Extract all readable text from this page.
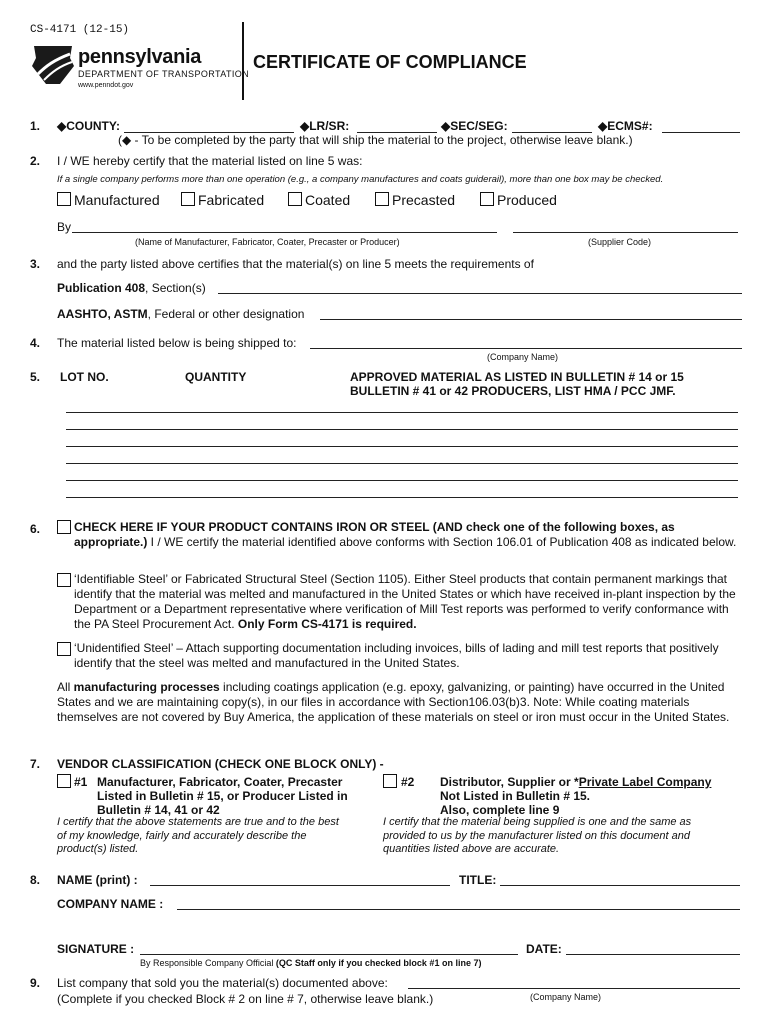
CS-4171 (12-15)
pennsylvania
DEPARTMENT OF TRANSPORTATION
www.penndot.gov
CERTIFICATE OF COMPLIANCE
1. ◆COUNTY:	◆LR/SR:	◆SEC/SEG:	◆ECMS#:
(◆ - To be completed by the party that will ship the material to the project, otherwise leave blank.)
2. I / WE hereby certify that the material listed on line 5 was:
If a single company performs more than one operation (e.g., a company manufactures and coats guiderail), more than one box may be checked.
Manufactured	Fabricated	Coated	Precasted	Produced
By
(Name of Manufacturer, Fabricator, Coater, Precaster or Producer)	(Supplier Code)
3. and the party listed above certifies that the material(s) on line 5 meets the requirements of
Publication 408, Section(s)
AASHTO, ASTM, Federal or other designation
4. The material listed below is being shipped to:
(Company Name)
5. LOT NO.	QUANTITY	APPROVED MATERIAL AS LISTED IN BULLETIN # 14 or 15
BULLETIN # 41 or 42 PRODUCERS, LIST HMA / PCC JMF.
6.	CHECK HERE IF YOUR PRODUCT CONTAINS IRON OR STEEL (AND check one of the following boxes, as appropriate.) I / WE certify the material identified above conforms with Section 106.01 of Publication 408 as indicated below.

‘Identifiable Steel’ or Fabricated Structural Steel (Section 1105). Either Steel products that contain permanent markings that identify that the material was melted and manufactured in the United States or which have received in-plant inspection by the Department or a Department representative where verification of Mill Test reports was performed to verify conformance with the PA Steel Procurement Act. Only Form CS-4171 is required.

‘Unidentified Steel’ – Attach supporting documentation including invoices, bills of lading and mill test reports that positively identify that the steel was melted and manufactured in the United States.

All manufacturing processes including coatings application (e.g. epoxy, galvanizing, or painting) have occurred in the United States and we are maintaining copy(s), in our files in accordance with Section106.03(b)3. Note: While coating materials themselves are not covered by Buy America, the application of these materials on steel or iron must occur in the United States.

7. VENDOR CLASSIFICATION (CHECK ONE BLOCK ONLY) -
#1 Manufacturer, Fabricator, Coater, Precaster
Listed in Bulletin # 15, or Producer Listed in
Bulletin # 14, 41 or 42

I certify that the above statements are true and to the best of my knowledge, fairly and accurately describe the product(s) listed.

#2 Distributor, Supplier or *Private Label Company
Not Listed in Bulletin # 15.
Also, complete line 9

I certify that the material being supplied is one and the same as provided to us by the manufacturer listed on this document and quantities listed above are accurate.

8. NAME (print) :	TITLE:
COMPANY NAME :
SIGNATURE :	DATE:
By Responsible Company Official (QC Staff only if you checked block #1 on line 7)
9. List company that sold you the material(s) documented above:
(Complete if you checked Block # 2 on line # 7, otherwise leave blank.)	(Company Name)
